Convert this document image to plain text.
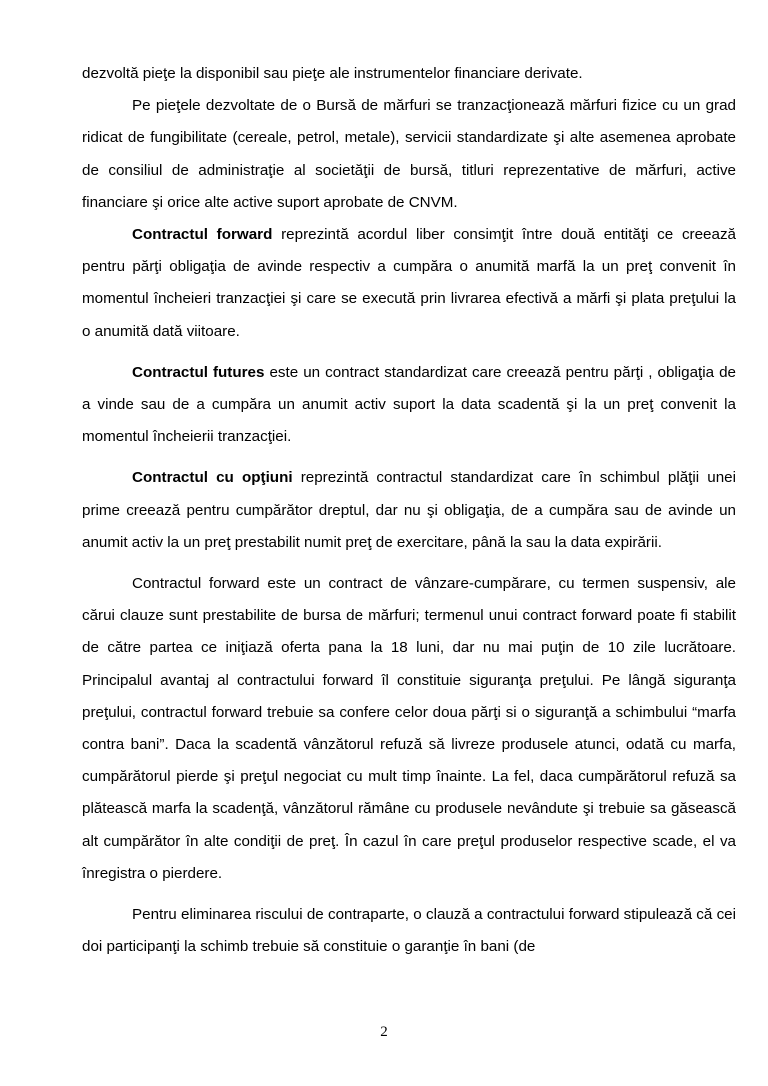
dezvoltă pieţe la disponibil sau pieţe ale instrumentelor financiare derivate.

Pe pieţele dezvoltate de o Bursă de mărfuri se tranzacţionează mărfuri fizice cu un grad ridicat de fungibilitate (cereale, petrol, metale), servicii standardizate şi alte asemenea aprobate de consiliul de administraţie al societăţii de bursă, titluri reprezentative de mărfuri, active financiare şi orice alte active suport aprobate de CNVM.

Contractul forward reprezintă acordul liber consimţit între două entităţi ce creează pentru părţi obligaţia de avinde respectiv a cumpăra o anumită marfă la un preţ convenit în momentul încheieri tranzacţiei şi care se execută prin livrarea efectivă a mărfi şi plata preţului la o anumită dată viitoare.

Contractul futures este un contract standardizat care creează pentru părţi , obligaţia de a vinde sau de a cumpăra un anumit activ suport la data scadentă şi la un preţ convenit la momentul încheierii tranzacţiei.

Contractul cu opţiuni reprezintă contractul standardizat care în schimbul plăţii unei prime creează pentru cumpărător dreptul, dar nu şi obligaţia, de a cumpăra sau de avinde un anumit activ la un preţ prestabilit numit preţ de exercitare, până la sau la data expirării.

Contractul forward este un contract de vânzare-cumpărare, cu termen suspensiv, ale cărui clauze sunt prestabilite de bursa de mărfuri; termenul unui contract forward poate fi stabilit de către partea ce iniţiază oferta pana la 18 luni, dar nu mai puţin de 10 zile lucrătoare. Principalul avantaj al contractului forward îl constituie siguranţa preţului. Pe lângă siguranţa preţului, contractul forward trebuie sa confere celor doua părţi si o siguranţă a schimbului “marfa contra bani”. Daca la scadentă vânzătorul refuză să livreze produsele atunci, odată cu marfa, cumpărătorul pierde şi preţul negociat cu mult timp înainte. La fel, daca cumpărătorul refuză sa plătească marfa la scadenţă, vânzătorul rămâne cu produsele nevândute şi trebuie sa găsească alt cumpărător în alte condiţii de preţ. În cazul în care preţul produselor respective scade, el va înregistra o pierdere.

Pentru eliminarea riscului de contraparte, o clauză a contractului forward stipulează că cei doi participanţi la schimb trebuie să constituie o garanţie în bani (de

2
